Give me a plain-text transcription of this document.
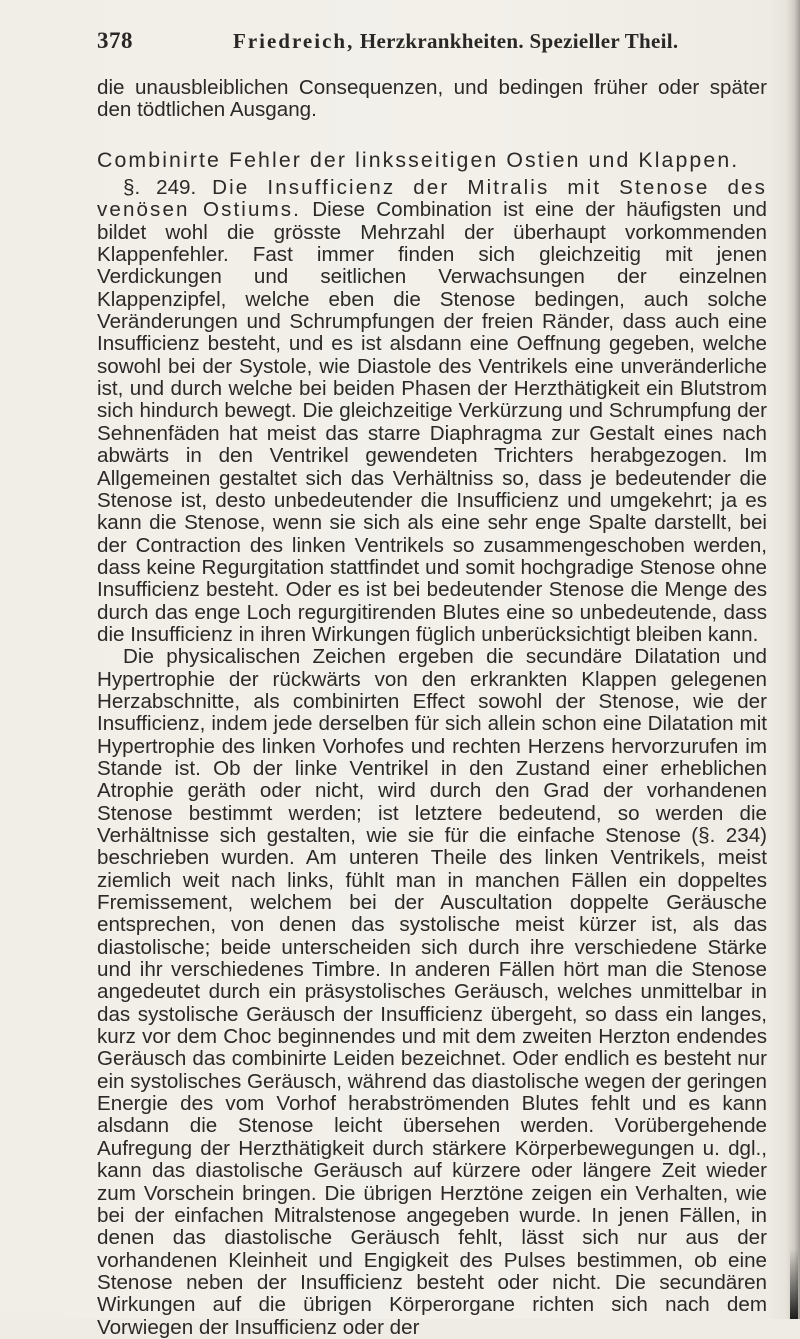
378	Friedreich, Herzkrankheiten. Spezieller Theil.

die unausbleiblichen Consequenzen, und bedingen früher oder später den tödtlichen Ausgang.

Combinirte Fehler der linksseitigen Ostien und Klappen.

§. 249. Die Insufficienz der Mitralis mit Stenose des venösen Ostiums. Diese Combination ist eine der häufigsten und bildet wohl die grösste Mehrzahl der überhaupt vorkommenden Klappenfehler. Fast immer finden sich gleichzeitig mit jenen Verdickungen und seitlichen Verwachsungen der einzelnen Klappenzipfel, welche eben die Stenose bedingen, auch solche Veränderungen und Schrumpfungen der freien Ränder, dass auch eine Insufficienz besteht, und es ist alsdann eine Oeffnung gegeben, welche sowohl bei der Systole, wie Diastole des Ventrikels eine unveränderliche ist, und durch welche bei beiden Phasen der Herzthätigkeit ein Blutstrom sich hindurch bewegt. Die gleichzeitige Verkürzung und Schrumpfung der Sehnenfäden hat meist das starre Diaphragma zur Gestalt eines nach abwärts in den Ventrikel gewendeten Trichters herabgezogen. Im Allgemeinen gestaltet sich das Verhältniss so, dass je bedeutender die Stenose ist, desto unbedeutender die Insufficienz und umgekehrt; ja es kann die Stenose, wenn sie sich als eine sehr enge Spalte darstellt, bei der Contraction des linken Ventrikels so zusammengeschoben werden, dass keine Regurgitation stattfindet und somit hochgradige Stenose ohne Insufficienz besteht. Oder es ist bei bedeutender Stenose die Menge des durch das enge Loch regurgitirenden Blutes eine so unbedeutende, dass die Insufficienz in ihren Wirkungen füglich unberücksichtigt bleiben kann.

Die physicalischen Zeichen ergeben die secundäre Dilatation und Hypertrophie der rückwärts von den erkrankten Klappen gelegenen Herzabschnitte, als combinirten Effect sowohl der Stenose, wie der Insufficienz, indem jede derselben für sich allein schon eine Dilatation mit Hypertrophie des linken Vorhofes und rechten Herzens hervorzurufen im Stande ist. Ob der linke Ventrikel in den Zustand einer erheblichen Atrophie geräth oder nicht, wird durch den Grad der vorhandenen Stenose bestimmt werden; ist letztere bedeutend, so werden die Verhältnisse sich gestalten, wie sie für die einfache Stenose (§. 234) beschrieben wurden. Am unteren Theile des linken Ventrikels, meist ziemlich weit nach links, fühlt man in manchen Fällen ein doppeltes Fremissement, welchem bei der Auscultation doppelte Geräusche entsprechen, von denen das systolische meist kürzer ist, als das diastolische; beide unterscheiden sich durch ihre verschiedene Stärke und ihr verschiedenes Timbre. In anderen Fällen hört man die Stenose angedeutet durch ein präsystolisches Geräusch, welches unmittelbar in das systolische Geräusch der Insufficienz übergeht, so dass ein langes, kurz vor dem Choc beginnendes und mit dem zweiten Herzton endendes Geräusch das combinirte Leiden bezeichnet. Oder endlich es besteht nur ein systolisches Geräusch, während das diastolische wegen der geringen Energie des vom Vorhof herabströmenden Blutes fehlt und es kann alsdann die Stenose leicht übersehen werden. Vorübergehende Aufregung der Herzthätigkeit durch stärkere Körperbewegungen u. dgl., kann das diastolische Geräusch auf kürzere oder längere Zeit wieder zum Vorschein bringen. Die übrigen Herztöne zeigen ein Verhalten, wie bei der einfachen Mitralstenose angegeben wurde. In jenen Fällen, in denen das diastolische Geräusch fehlt, lässt sich nur aus der vorhandenen Kleinheit und Engigkeit des Pulses bestimmen, ob eine Stenose neben der Insufficienz besteht oder nicht. Die secundären Wirkungen auf die übrigen Körperorgane richten sich nach dem Vorwiegen der Insufficienz oder der
